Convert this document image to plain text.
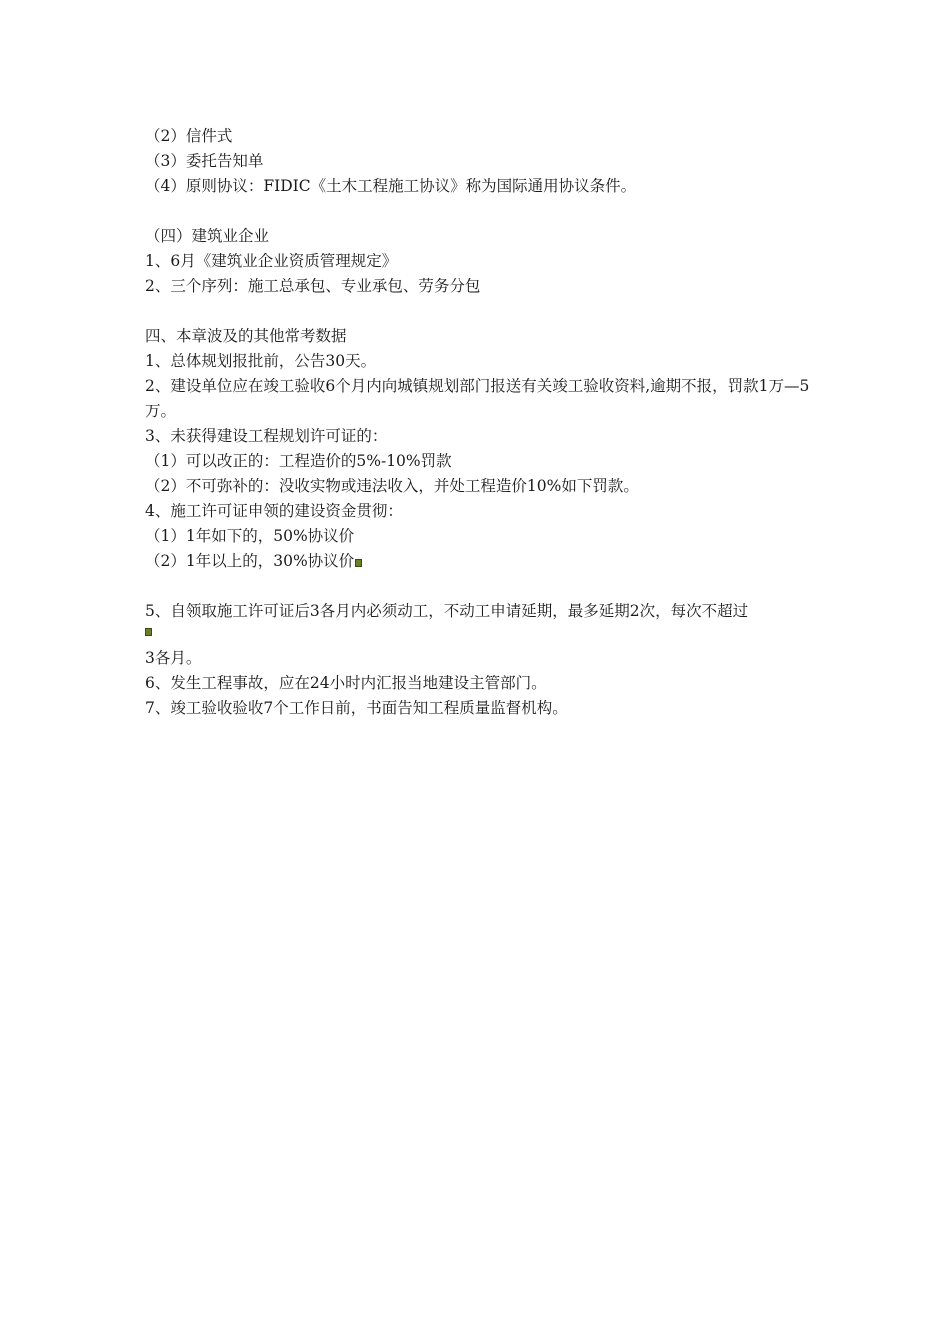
（2）信件式
（3）委托告知单
（4）原则协议：FIDIC《土木工程施工协议》称为国际通用协议条件。
（四）建筑业企业
1、6月《建筑业企业资质管理规定》
2、三个序列：施工总承包、专业承包、劳务分包
四、本章波及的其他常考数据
1、总体规划报批前，公告30天。
2、建设单位应在竣工验收6个月内向城镇规划部门报送有关竣工验收资料,逾期不报，罚款1万—5万。
3、未获得建设工程规划许可证的：
（1）可以改正的：工程造价的5%-10%罚款
（2）不可弥补的：没收实物或违法收入，并处工程造价10%如下罚款。
4、施工许可证申领的建设资金贯彻：
（1）1年如下的，50%协议价
（2）1年以上的，30%协议价
5、自领取施工许可证后3各月内必须动工，不动工申请延期，最多延期2次，每次不超过
3各月。
6、发生工程事故，应在24小时内汇报当地建设主管部门。
7、竣工验收验收7个工作日前，书面告知工程质量监督机构。
